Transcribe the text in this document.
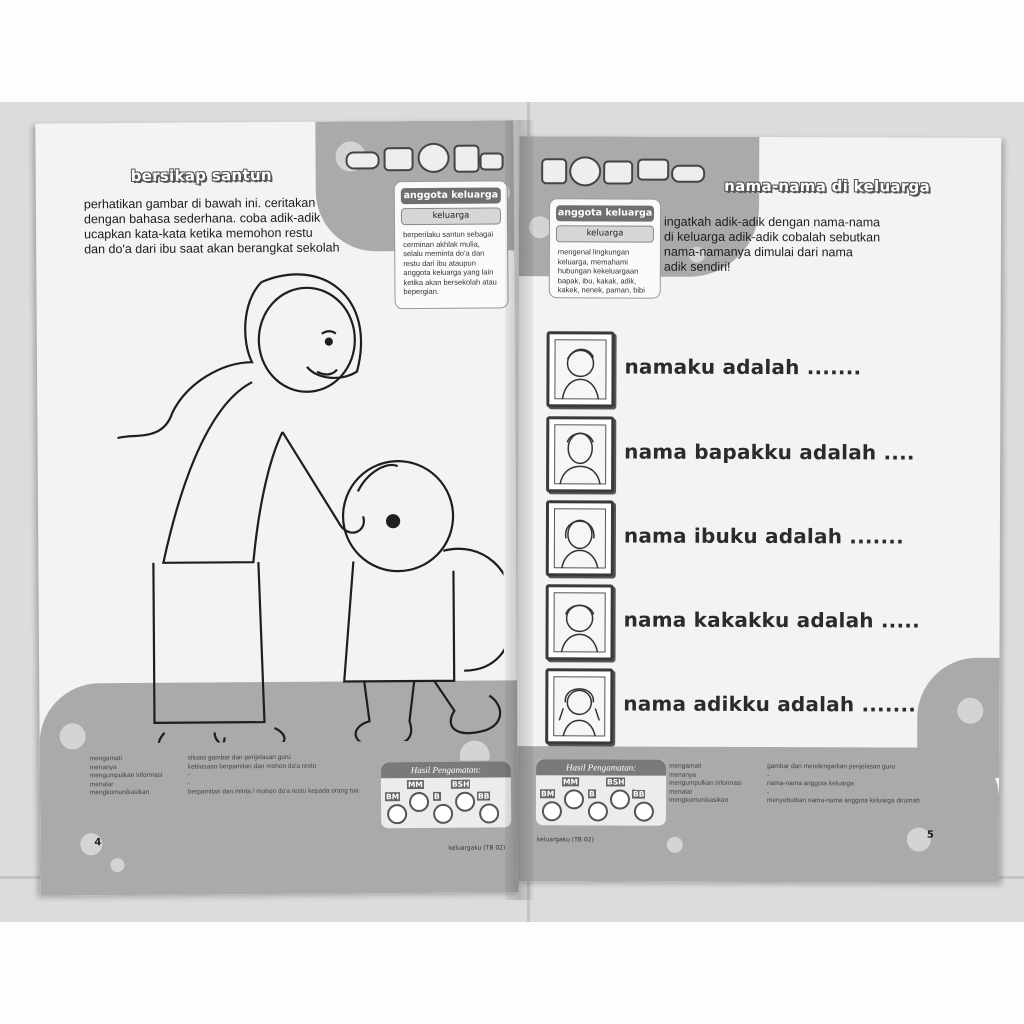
bersikap santun
perhatikan gambar di bawah ini. ceritakan
dengan bahasa sederhana. coba adik-adik
ucapkan kata-kata ketika memohon restu
dan do'a dari ibu saat akan berangkat sekolah
anggota keluarga
keluarga
berperilaku santun sebagai cerminan akhlak mulia, selalu meminta do'a dan restu dari ibu ataupun anggota keluarga yang lain ketika akan bersekolah atau bepergian.
mengamati
menanya
mengumpulkan informasi
menalar
mengkomunikasikan
situasi gambar dan penjelasan guru
kebiasaan berpamitan dan mohon da'a restu
-
-
berpamitan dan minta / mohon do'a restu kepada orang tua
Hasil Pengamatan:
BM
MM
B
BSH
BB
4	keluargaku (TB 02)
nama-nama di keluarga
anggota keluarga
keluarga
mengenal lingkungan keluarga, memahami hubungan kekeluargaan bapak, ibu, kakak, adik, kakek, nenek, paman, bibi
ingatkah adik-adik dengan nama-nama
di keluarga adik-adik cobalah sebutkan
nama-namanya dimulai dari nama
adik sendiri!
namaku adalah .......
nama bapakku adalah ....
nama ibuku adalah .......
nama kakakku adalah .....
nama adikku adalah .......
Hasil Pengamatan:
BM
MM
B
BSH
BB
mengamati
menanya
mengumpulkan informasi
menalar
mengkomunikasikan
gambar dan mendengarkan penjelasan guru
-
nama-nama anggota keluarga
-
menyebutkan nama-nama anggota keluarga dirumah
keluargaku (TB 02)	5
